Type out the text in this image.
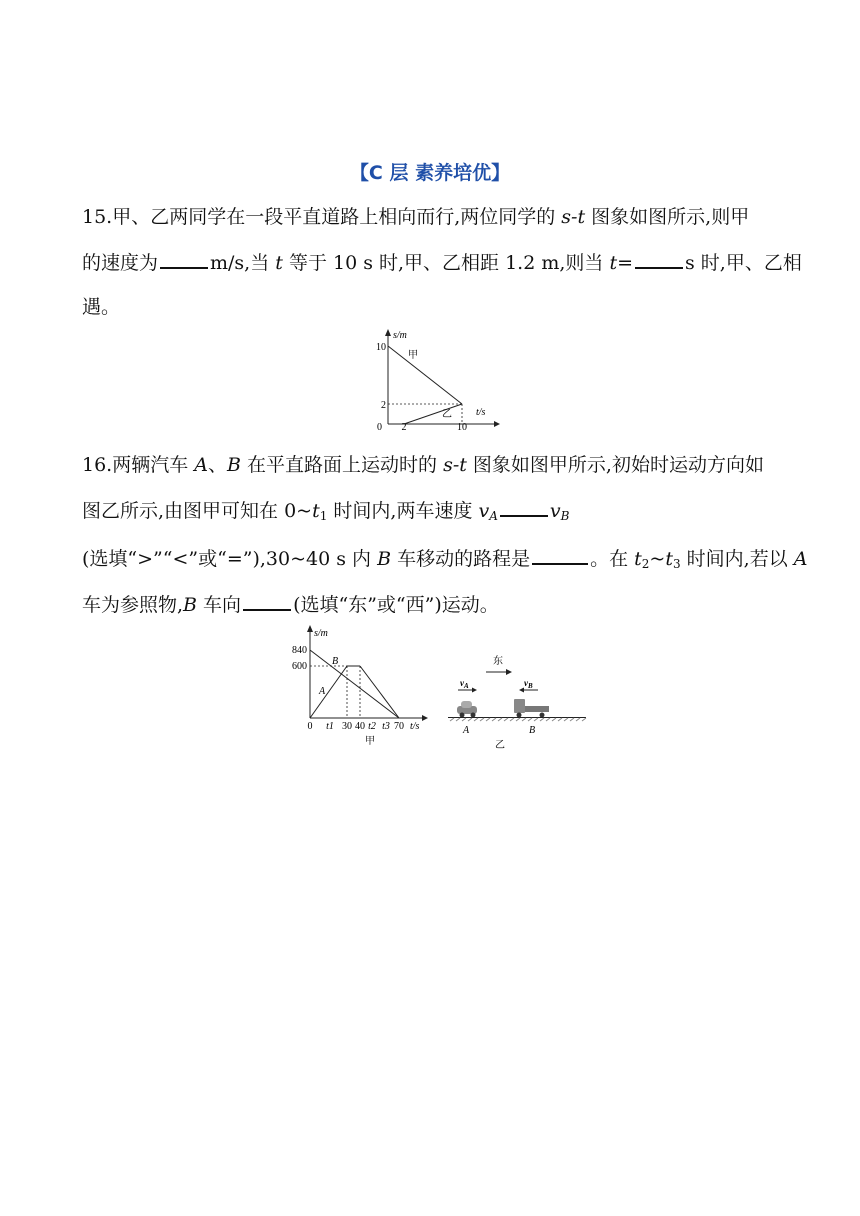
【C 层 素养培优】
15.甲、乙两同学在一段平直道路上相向而行,两位同学的 s-t 图象如图所示,则甲
的速度为	m/s,当 t 等于 10 s 时,甲、乙相距 1.2 m,则当 t=	s 时,甲、乙相
遇。
s/m
t/s
0
10
2
2	10
甲
乙
16.两辆汽车 A、B 在平直路面上运动时的 s-t 图象如图甲所示,初始时运动方向如
图乙所示,由图甲可知在 $0\sim t_1$ 时间内,两车速度 $v_A$	$v_B$
(选填“>”“<”或“=”),30~40 s 内 B 车移动的路程是	。在 $t_2\sim t_3$ 时间内,若以 A
车为参照物,B 车向	(选填“东”或“西”)运动。
s/m
t/s
0
840
600
t1 30 40 t2 t3 70
B
A
甲
东
$v_A$	$v_B$
A	B
乙
